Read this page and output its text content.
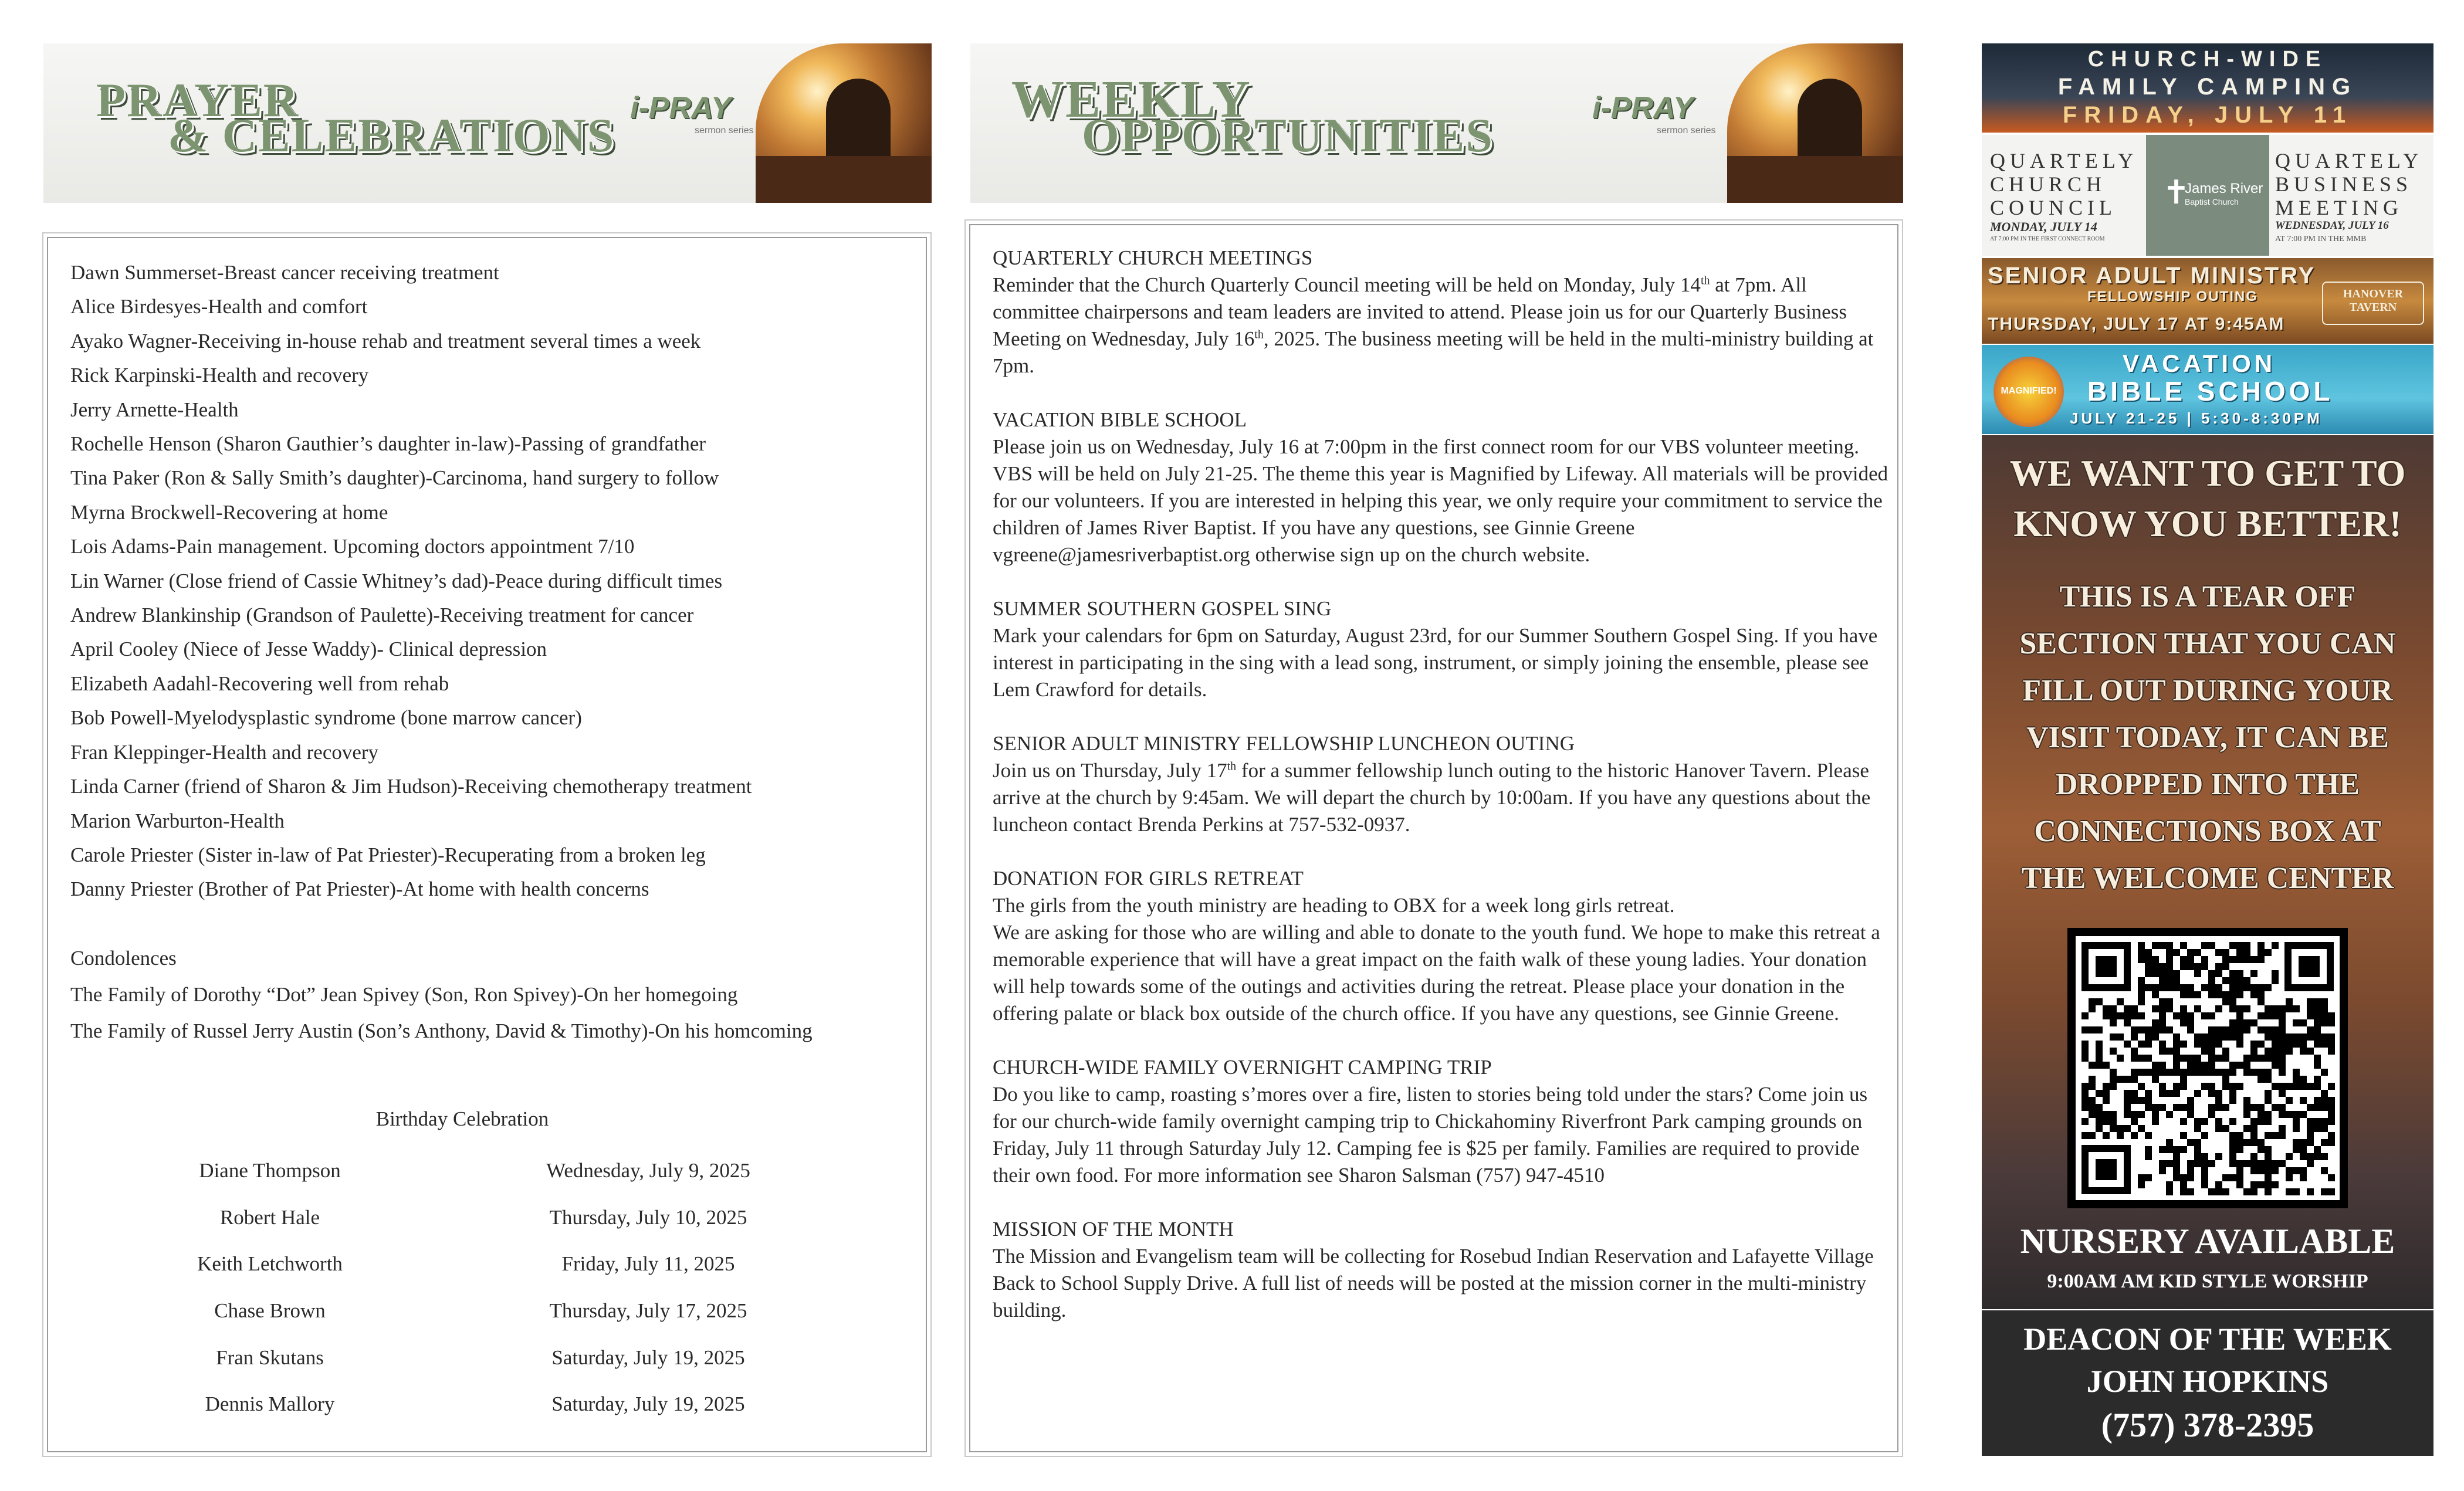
PRAYER
& CELEBRATIONS
i-PRAY
sermon series
WEEKLY
OPPORTUNITIES
i-PRAY
sermon series
Dawn Summerset-Breast cancer receiving treatment
Alice Birdesyes-Health and comfort
Ayako Wagner-Receiving in-house rehab and treatment several times a week
Rick Karpinski-Health and recovery
Jerry Arnette-Health
Rochelle Henson (Sharon Gauthier’s daughter in-law)-Passing of grandfather
Tina Paker (Ron & Sally Smith’s daughter)-Carcinoma, hand surgery to follow
Myrna Brockwell-Recovering at home
Lois Adams-Pain management. Upcoming doctors appointment 7/10
Lin Warner (Close friend of Cassie Whitney’s dad)-Peace during difficult times
Andrew Blankinship (Grandson of Paulette)-Receiving treatment for cancer
April Cooley (Niece of Jesse Waddy)- Clinical depression
Elizabeth Aadahl-Recovering well from rehab
Bob Powell-Myelodysplastic syndrome (bone marrow cancer)
Fran Kleppinger-Health and recovery
Linda Carner (friend of Sharon & Jim Hudson)-Receiving chemotherapy treatment
Marion Warburton-Health
Carole Priester (Sister in-law of Pat Priester)-Recuperating from a broken leg
Danny Priester (Brother of Pat Priester)-At home with health concerns
Condolences
The Family of Dorothy “Dot” Jean Spivey (Son, Ron Spivey)-On her homegoing
The Family of Russel Jerry Austin (Son’s Anthony, David & Timothy)-On his homcoming
Birthday Celebration
Diane Thompson	Wednesday, July 9, 2025
Robert Hale	Thursday, July 10, 2025
Keith Letchworth	Friday, July 11, 2025
Chase Brown	Thursday, July 17, 2025
Fran Skutans	Saturday, July 19, 2025
Dennis Mallory	Saturday, July 19, 2025
QUARTERLY CHURCH MEETINGS
Reminder that the Church Quarterly Council meeting will be held on Monday, July 14th at 7pm. All committee chairpersons and team leaders are invited to attend. Please join us for our Quarterly Business Meeting on Wednesday, July 16th, 2025. The business meeting will be held in the multi-ministry building at 7pm.
VACATION BIBLE SCHOOL
Please join us on Wednesday, July 16 at 7:00pm in the first connect room for our VBS volunteer meeting. VBS will be held on July 21-25. The theme this year is Magnified by Lifeway. All materials will be provided for our volunteers. If you are interested in helping this year, we only require your commitment to service the children of James River Baptist. If you have any questions, see Ginnie Greene vgreene@jamesriverbaptist.org otherwise sign up on the church website.
SUMMER SOUTHERN GOSPEL SING
Mark your calendars for 6pm on Saturday, August 23rd, for our Summer Southern Gospel Sing. If you have interest in participating in the sing with a lead song, instrument, or simply joining the ensemble, please see Lem Crawford for details.
SENIOR ADULT MINISTRY FELLOWSHIP LUNCHEON OUTING
Join us on Thursday, July 17th for a summer fellowship lunch outing to the historic Hanover Tavern. Please arrive at the church by 9:45am. We will depart the church by 10:00am. If you have any questions about the luncheon contact Brenda Perkins at 757-532-0937.
DONATION FOR GIRLS RETREAT
The girls from the youth ministry are heading to OBX for a week long girls retreat.
We are asking for those who are willing and able to donate to the youth fund. We hope to make this retreat a memorable experience that will have a great impact on the faith walk of these young ladies. Your donation will help towards some of the outings and activities during the retreat. Please place your donation in the offering palate or black box outside of the church office. If you have any questions, see Ginnie Greene.
CHURCH-WIDE FAMILY OVERNIGHT CAMPING TRIP
Do you like to camp, roasting s’mores over a fire, listen to stories being told under the stars? Come join us for our church-wide family overnight camping trip to Chickahominy Riverfront Park camping grounds on Friday, July 11 through Saturday July 12. Camping fee is $25 per family. Families are required to provide their own food. For more information see Sharon Salsman (757) 947-4510
MISSION OF THE MONTH
The Mission and Evangelism team will be collecting for Rosebud Indian Reservation and Lafayette Village Back to School Supply Drive. A full list of needs will be posted at the mission corner in the multi-ministry building.
CHURCH-WIDE
FAMILY CAMPING
FRIDAY, JULY 11
QUARTELY CHURCH COUNCIL
MONDAY, JULY 14
AT 7:00 PM IN THE FIRST CONNECT ROOM
✝
James River
Baptist Church
QUARTELY BUSINESS MEETING
WEDNESDAY, JULY 16
AT 7:00 PM IN THE MMB
SENIOR ADULT MINISTRY
FELLOWSHIP OUTING
THURSDAY, JULY 17 AT 9:45AM
HANOVER TAVERN
MAGNIFIED!
VACATION
BIBLE SCHOOL
JULY 21-25 | 5:30-8:30PM
WE WANT TO GET TO
KNOW YOU BETTER!
THIS IS A TEAR OFF
SECTION THAT YOU CAN
FILL OUT DURING YOUR
VISIT TODAY, IT CAN BE
DROPPED INTO THE
CONNECTIONS BOX AT
THE WELCOME CENTER
NURSERY AVAILABLE
9:00AM AM KID STYLE WORSHIP
DEACON OF THE WEEK
JOHN HOPKINS
(757) 378-2395
